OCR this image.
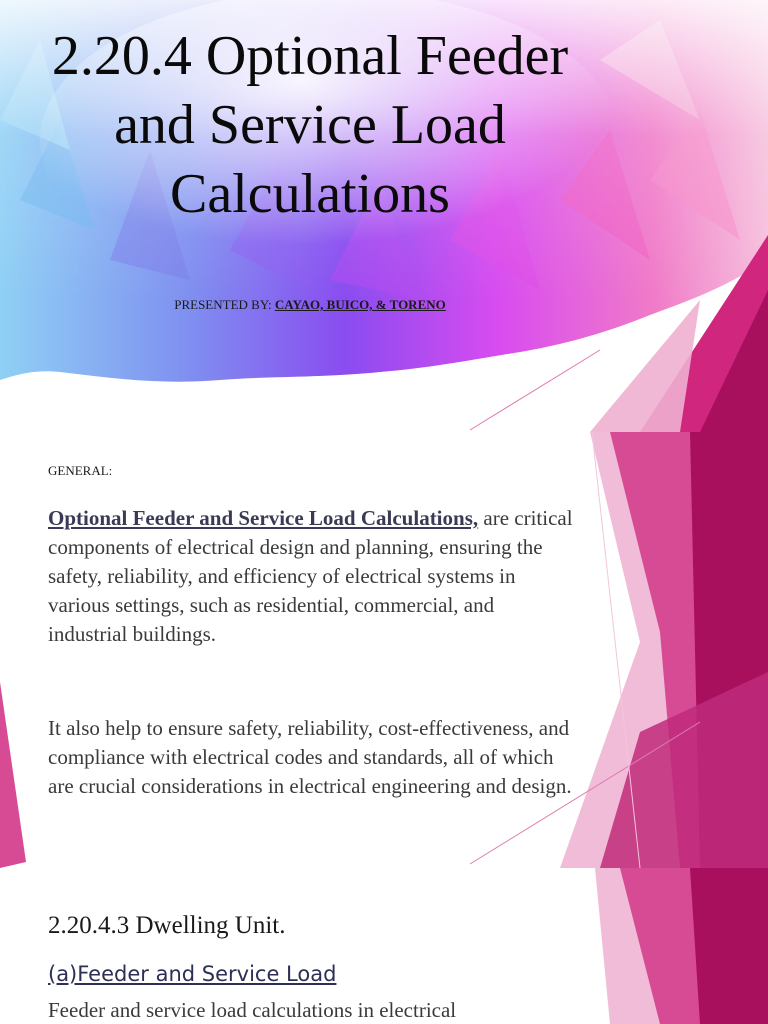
2.20.4 Optional Feeder and Service Load Calculations
PRESENTED BY: CAYAO, BUICO, & TORENO
GENERAL:
Optional Feeder and Service Load Calculations, are critical components of electrical design and planning, ensuring the safety, reliability, and efficiency of electrical systems in various settings, such as residential, commercial, and industrial buildings.
It also help to ensure safety, reliability, cost-effectiveness, and compliance with electrical codes and standards, all of which are crucial considerations in electrical engineering and design.
2.20.4.3 Dwelling Unit.
(a)Feeder and Service Load
Feeder and service load calculations in electrical
